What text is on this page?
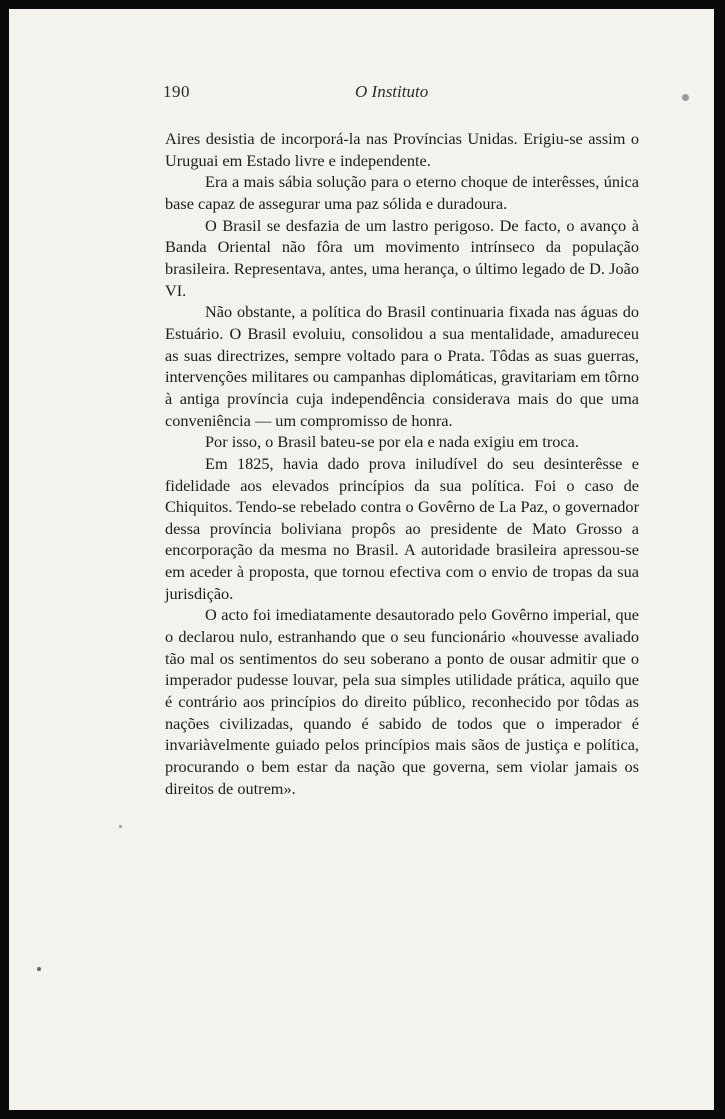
190	O Instituto

Aires desistia de incorporá-la nas Províncias Unidas. Erigiu-se assim o Uruguai em Estado livre e independente.

Era a mais sábia solução para o eterno choque de interêsses, única base capaz de assegurar uma paz sólida e duradoura.

O Brasil se desfazia de um lastro perigoso. De facto, o avanço à Banda Oriental não fôra um movimento intrínseco da população brasileira. Representava, antes, uma herança, o último legado de D. João VI.

Não obstante, a política do Brasil continuaria fixada nas águas do Estuário. O Brasil evoluiu, consolidou a sua mentalidade, amadureceu as suas directrizes, sempre voltado para o Prata. Tôdas as suas guerras, intervenções militares ou campanhas diplomáticas, gravitariam em tôrno à antiga província cuja independência considerava mais do que uma conveniência — um compromisso de honra.

Por isso, o Brasil bateu-se por ela e nada exigiu em troca.

Em 1825, havia dado prova iniludível do seu desinterêsse e fidelidade aos elevados princípios da sua política. Foi o caso de Chiquitos. Tendo-se rebelado contra o Govêrno de La Paz, o governador dessa província boliviana propôs ao presidente de Mato Grosso a encorporação da mesma no Brasil. A autoridade brasileira apressou-se em aceder à proposta, que tornou efectiva com o envio de tropas da sua jurisdição.

O acto foi imediatamente desautorado pelo Govêrno imperial, que o declarou nulo, estranhando que o seu funcionário «houvesse avaliado tão mal os sentimentos do seu soberano a ponto de ousar admitir que o imperador pudesse louvar, pela sua simples utilidade prática, aquilo que é contrário aos princípios do direito público, reconhecido por tôdas as nações civilizadas, quando é sabido de todos que o imperador é invariàvelmente guiado pelos princípios mais sãos de justiça e política, procurando o bem estar da nação que governa, sem violar jamais os direitos de outrem».
